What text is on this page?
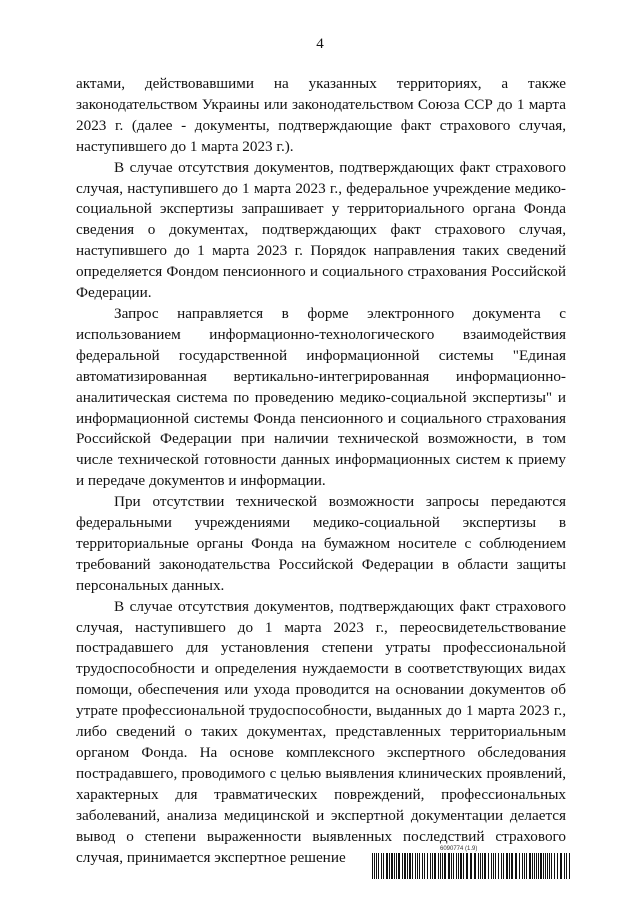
4

актами, действовавшими на указанных территориях, а также законодательством Украины или законодательством Союза ССР до 1 марта 2023 г. (далее - документы, подтверждающие факт страхового случая, наступившего до 1 марта 2023 г.).

В случае отсутствия документов, подтверждающих факт страхового случая, наступившего до 1 марта 2023 г., федеральное учреждение медико-социальной экспертизы запрашивает у территориального органа Фонда сведения о документах, подтверждающих факт страхового случая, наступившего до 1 марта 2023 г. Порядок направления таких сведений определяется Фондом пенсионного и социального страхования Российской Федерации.

Запрос направляется в форме электронного документа с использованием информационно-технологического взаимодействия федеральной государственной информационной системы "Единая автоматизированная вертикально-интегрированная информационно-аналитическая система по проведению медико-социальной экспертизы" и информационной системы Фонда пенсионного и социального страхования Российской Федерации при наличии технической возможности, в том числе технической готовности данных информационных систем к приему и передаче документов и информации.

При отсутствии технической возможности запросы передаются федеральными учреждениями медико-социальной экспертизы в территориальные органы Фонда на бумажном носителе с соблюдением требований законодательства Российской Федерации в области защиты персональных данных.

В случае отсутствия документов, подтверждающих факт страхового случая, наступившего до 1 марта 2023 г., переосвидетельствование пострадавшего для установления степени утраты профессиональной трудоспособности и определения нуждаемости в соответствующих видах помощи, обеспечения или ухода проводится на основании документов об утрате профессиональной трудоспособности, выданных до 1 марта 2023 г., либо сведений о таких документах, представленных территориальным органом Фонда. На основе комплексного экспертного обследования пострадавшего, проводимого с целью выявления клинических проявлений, характерных для травматических повреждений, профессиональных заболеваний, анализа медицинской и экспертной документации делается вывод о степени выраженности выявленных последствий страхового случая, принимается экспертное решение	6090774 (1.9)
